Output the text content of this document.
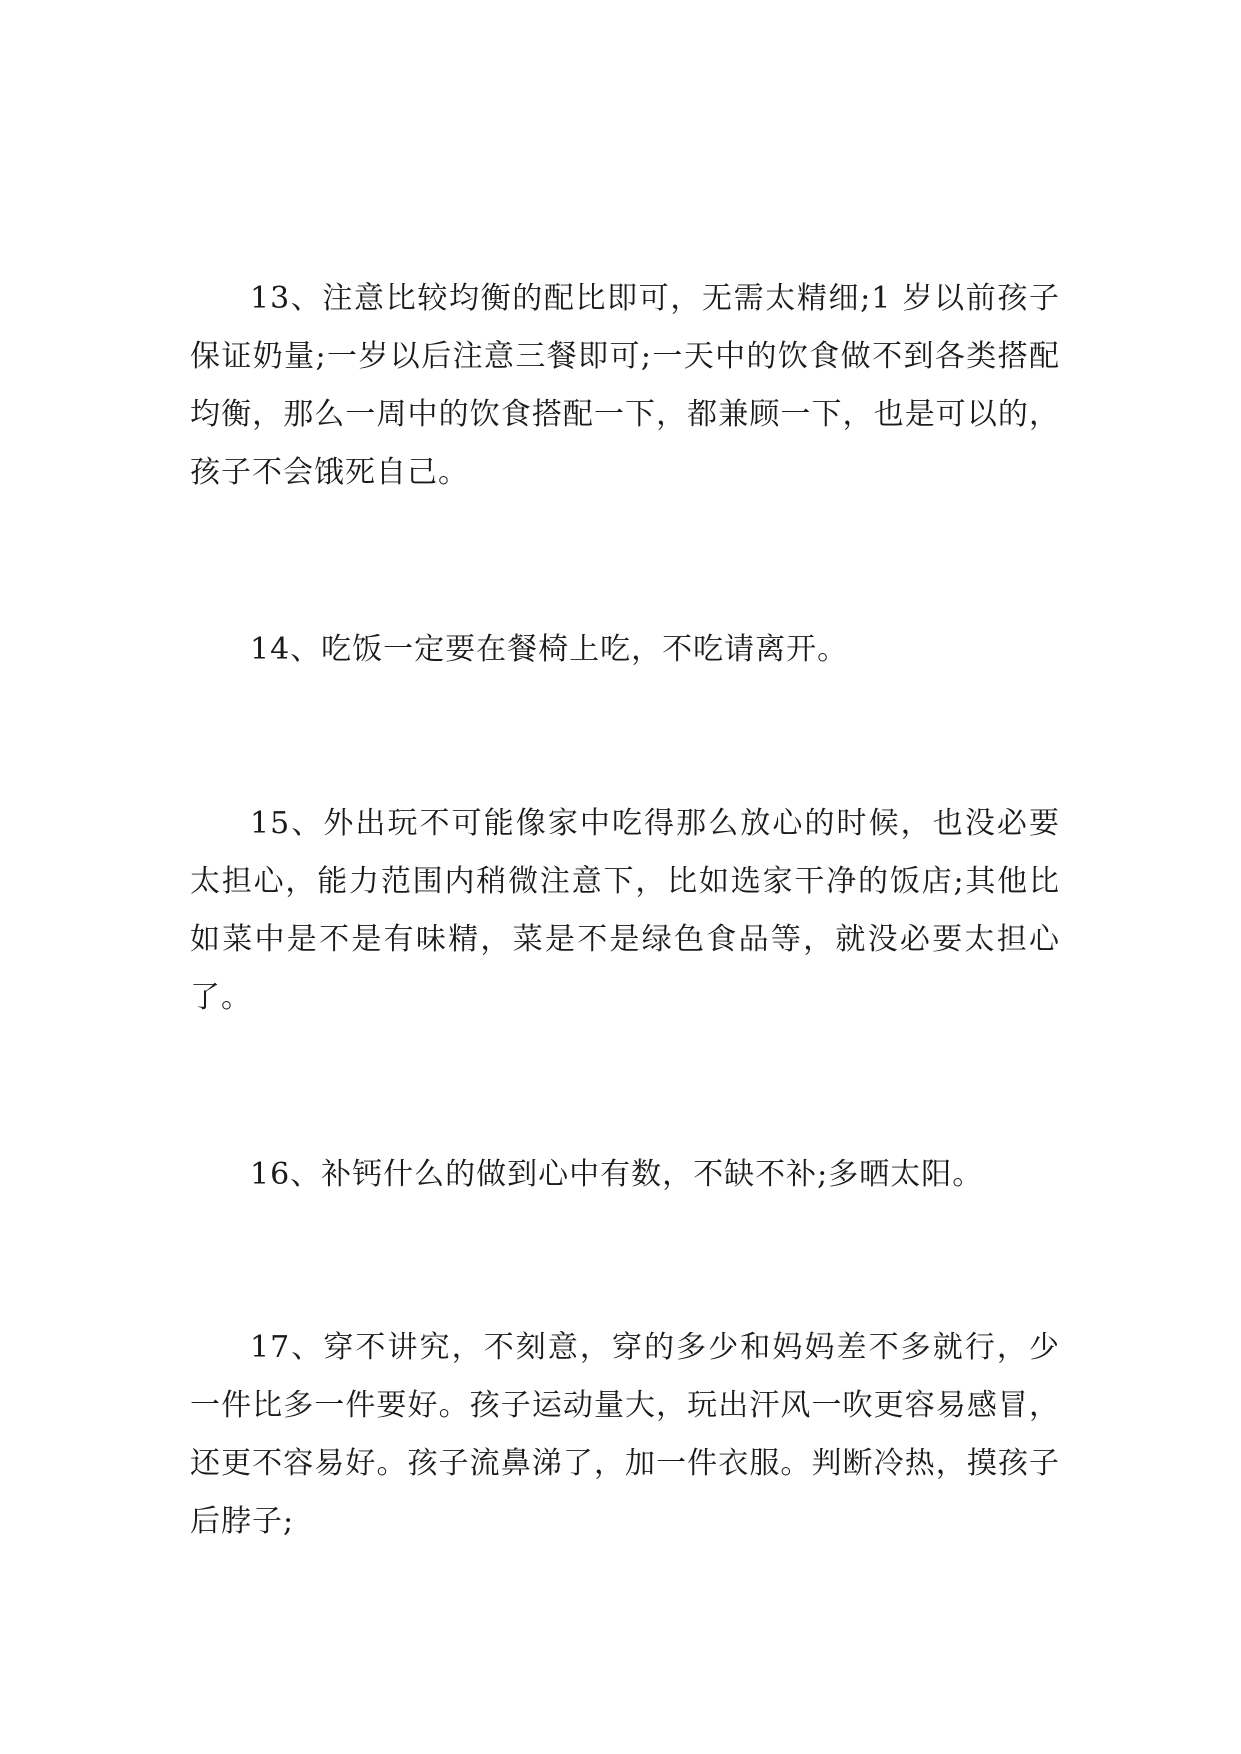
13、注意比较均衡的配比即可，无需太精细;1 岁以前孩子保证奶量;一岁以后注意三餐即可;一天中的饮食做不到各类搭配均衡，那么一周中的饮食搭配一下，都兼顾一下，也是可以的，孩子不会饿死自己。

14、吃饭一定要在餐椅上吃，不吃请离开。

15、外出玩不可能像家中吃得那么放心的时候，也没必要太担心，能力范围内稍微注意下，比如选家干净的饭店;其他比如菜中是不是有味精，菜是不是绿色食品等，就没必要太担心了。

16、补钙什么的做到心中有数，不缺不补;多晒太阳。

17、穿不讲究，不刻意，穿的多少和妈妈差不多就行，少一件比多一件要好。孩子运动量大，玩出汗风一吹更容易感冒，还更不容易好。孩子流鼻涕了，加一件衣服。判断冷热，摸孩子后脖子;
